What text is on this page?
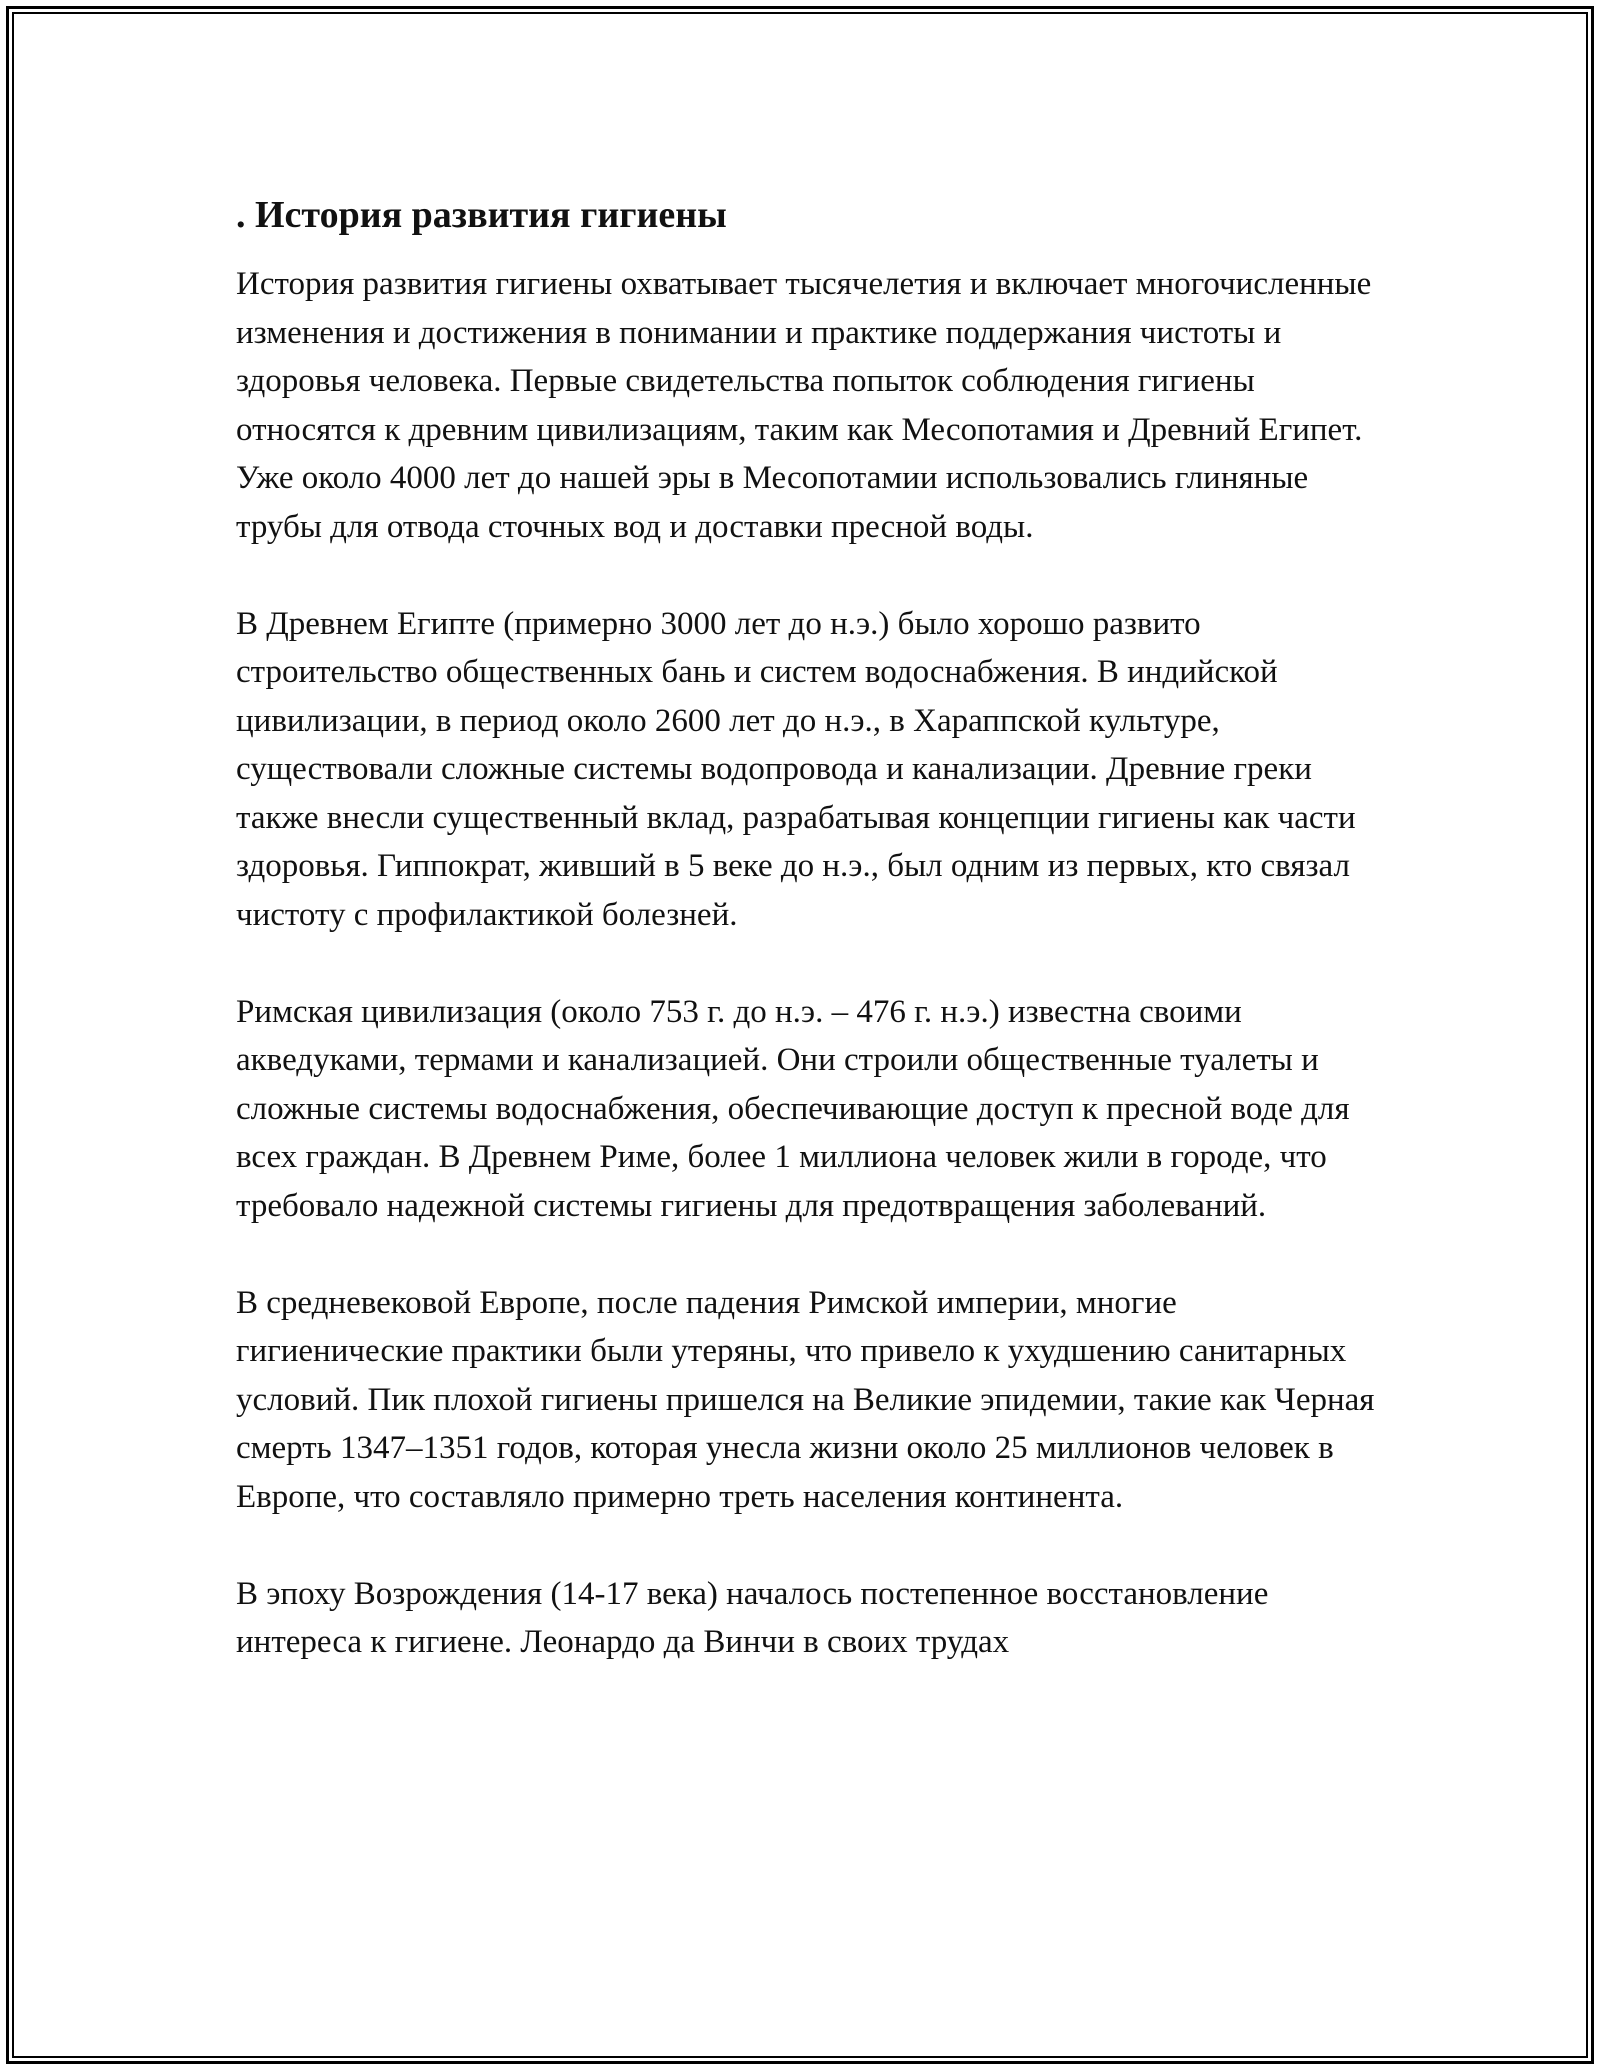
. История развития гигиены

История развития гигиены охватывает тысячелетия и включает многочисленные изменения и достижения в понимании и практике поддержания чистоты и здоровья человека. Первые свидетельства попыток соблюдения гигиены относятся к древним цивилизациям, таким как Месопотамия и Древний Египет. Уже около 4000 лет до нашей эры в Месопотамии использовались глиняные трубы для отвода сточных вод и доставки пресной воды.

В Древнем Египте (примерно 3000 лет до н.э.) было хорошо развито строительство общественных бань и систем водоснабжения. В индийской цивилизации, в период около 2600 лет до н.э., в Хараппской культуре, существовали сложные системы водопровода и канализации. Древние греки также внесли существенный вклад, разрабатывая концепции гигиены как части здоровья. Гиппократ, живший в 5 веке до н.э., был одним из первых, кто связал чистоту с профилактикой болезней.

Римская цивилизация (около 753 г. до н.э. – 476 г. н.э.) известна своими акведуками, термами и канализацией. Они строили общественные туалеты и сложные системы водоснабжения, обеспечивающие доступ к пресной воде для всех граждан. В Древнем Риме, более 1 миллиона человек жили в городе, что требовало надежной системы гигиены для предотвращения заболеваний.

В средневековой Европе, после падения Римской империи, многие гигиенические практики были утеряны, что привело к ухудшению санитарных условий. Пик плохой гигиены пришелся на Великие эпидемии, такие как Черная смерть 1347–1351 годов, которая унесла жизни около 25 миллионов человек в Европе, что составляло примерно треть населения континента.

В эпоху Возрождения (14-17 века) началось постепенное восстановление интереса к гигиене. Леонардо да Винчи в своих трудах
